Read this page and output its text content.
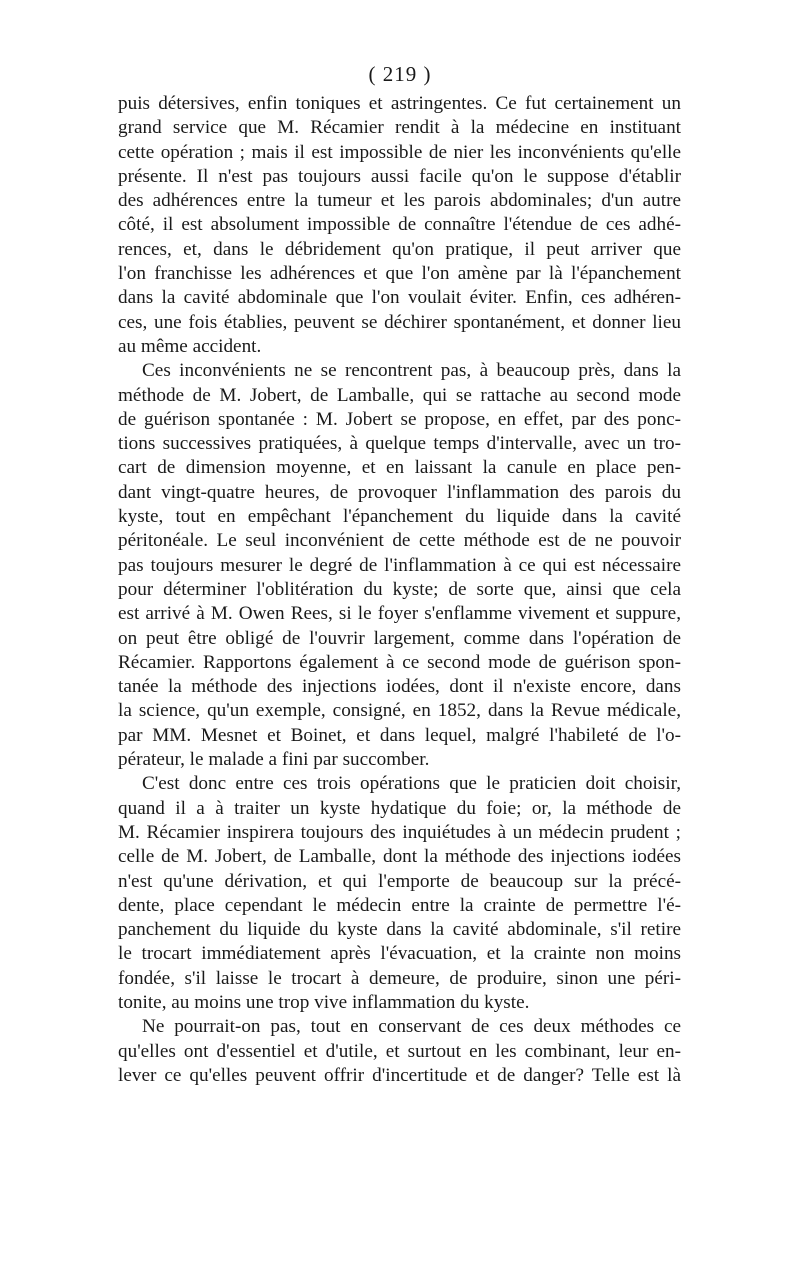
( 219 )
puis détersives, enfin toniques et astringentes. Ce fut certainement un
grand service que M. Récamier rendit à la médecine en instituant
cette opération ; mais il est impossible de nier les inconvénients qu'elle
présente. Il n'est pas toujours aussi facile qu'on le suppose d'établir
des adhérences entre la tumeur et les parois abdominales; d'un autre
côté, il est absolument impossible de connaître l'étendue de ces adhé-
rences, et, dans le débridement qu'on pratique, il peut arriver que
l'on franchisse les adhérences et que l'on amène par là l'épanchement
dans la cavité abdominale que l'on voulait éviter. Enfin, ces adhéren-
ces, une fois établies, peuvent se déchirer spontanément, et donner lieu
au même accident.
Ces inconvénients ne se rencontrent pas, à beaucoup près, dans la
méthode de M. Jobert, de Lamballe, qui se rattache au second mode
de guérison spontanée : M. Jobert se propose, en effet, par des ponc-
tions successives pratiquées, à quelque temps d'intervalle, avec un tro-
cart de dimension moyenne, et en laissant la canule en place pen-
dant vingt-quatre heures, de provoquer l'inflammation des parois du
kyste, tout en empêchant l'épanchement du liquide dans la cavité
péritonéale. Le seul inconvénient de cette méthode est de ne pouvoir
pas toujours mesurer le degré de l'inflammation à ce qui est nécessaire
pour déterminer l'oblitération du kyste; de sorte que, ainsi que cela
est arrivé à M. Owen Rees, si le foyer s'enflamme vivement et suppure,
on peut être obligé de l'ouvrir largement, comme dans l'opération de
Récamier. Rapportons également à ce second mode de guérison spon-
tanée la méthode des injections iodées, dont il n'existe encore, dans
la science, qu'un exemple, consigné, en 1852, dans la Revue médicale,
par MM. Mesnet et Boinet, et dans lequel, malgré l'habileté de l'o-
pérateur, le malade a fini par succomber.
C'est donc entre ces trois opérations que le praticien doit choisir,
quand il a à traiter un kyste hydatique du foie; or, la méthode de
M. Récamier inspirera toujours des inquiétudes à un médecin prudent ;
celle de M. Jobert, de Lamballe, dont la méthode des injections iodées
n'est qu'une dérivation, et qui l'emporte de beaucoup sur la précé-
dente, place cependant le médecin entre la crainte de permettre l'é-
panchement du liquide du kyste dans la cavité abdominale, s'il retire
le trocart immédiatement après l'évacuation, et la crainte non moins
fondée, s'il laisse le trocart à demeure, de produire, sinon une péri-
tonite, au moins une trop vive inflammation du kyste.
Ne pourrait-on pas, tout en conservant de ces deux méthodes ce
qu'elles ont d'essentiel et d'utile, et surtout en les combinant, leur en-
lever ce qu'elles peuvent offrir d'incertitude et de danger? Telle est là
